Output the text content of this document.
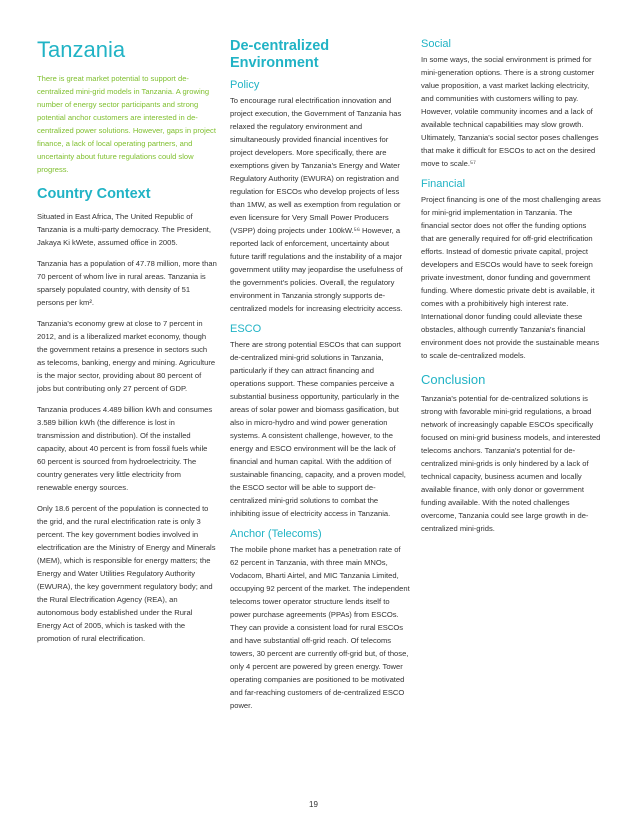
Tanzania

There is great market potential to support de-centralized mini-grid models in Tanzania. A growing number of energy sector participants and strong potential anchor customers are interested in de-centralized power solutions. However, gaps in project finance, a lack of local operating partners, and uncertainty about future regulations could slow progress.

Country Context

Situated in East Africa, The United Republic of Tanzania is a multi-party democracy. The President, Jakaya Ki kWete, assumed office in 2005.

Tanzania has a population of 47.78 million, more than 70 percent of whom live in rural areas. Tanzania is sparsely populated country, with density of 51 persons per km².

Tanzania's economy grew at close to 7 percent in 2012, and is a liberalized market economy, though the government retains a presence in sectors such as telecoms, banking, energy and mining. Agriculture is the major sector, providing about 80 percent of jobs but contributing only 27 percent of GDP.

Tanzania produces 4.489 billion kWh and consumes 3.589 billion kWh (the difference is lost in transmission and distribution). Of the installed capacity, about 40 percent is from fossil fuels while 60 percent is sourced from hydroelectricity. The country generates very little electricity from renewable energy sources.

Only 18.6 percent of the population is connected to the grid, and the rural electrification rate is only 3 percent. The key government bodies involved in electrification are the Ministry of Energy and Minerals (MEM), which is responsible for energy matters; the Energy and Water Utilities Regulatory Authority (EWURA), the key government regulatory body; and the Rural Electrification Agency (REA), an autonomous body established under the Rural Energy Act of 2005, which is tasked with the promotion of rural electrification.

De-centralized Environment
Policy

To encourage rural electrification innovation and project execution, the Government of Tanzania has relaxed the regulatory environment and simultaneously provided financial incentives for project developers. More specifically, there are exemptions given by Tanzania's Energy and Water Regulatory Authority (EWURA) on registration and regulation for ESCOs who develop projects of less than 1MW, as well as exemption from regulation or even licensure for Very Small Power Producers (VSPP) doing projects under 100kW.⁵⁶ However, a reported lack of enforcement, uncertainty about future tariff regulations and the instability of a major government utility may jeopardise the usefulness of the government's policies. Overall, the regulatory environment in Tanzania strongly supports de-centralized models for increasing electricity access.

ESCO

There are strong potential ESCOs that can support de-centralized mini-grid solutions in Tanzania, particularly if they can attract financing and operations support. These companies perceive a substantial business opportunity, particularly in the areas of solar power and biomass gasification, but also in micro-hydro and wind power generation systems. A consistent challenge, however, to the energy and ESCO environment will be the lack of financial and human capital. With the addition of sustainable financing, capacity, and a proven model, the ESCO sector will be able to support de-centralized mini-grid solutions to combat the inhibiting issue of electricity access in Tanzania.

Anchor (Telecoms)

The mobile phone market has a penetration rate of 62 percent in Tanzania, with three main MNOs, Vodacom, Bharti Airtel, and MIC Tanzania Limited, occupying 92 percent of the market. The independent telecoms tower operator structure lends itself to power purchase agreements (PPAs) from ESCOs. They can provide a consistent load for rural ESCOs and have substantial off-grid reach. Of telecoms towers, 30 percent are currently off-grid but, of those, only 4 percent are powered by green energy. Tower operating companies are positioned to be motivated and far-reaching customers of de-centralized ESCO power.

Social

In some ways, the social environment is primed for mini-generation options. There is a strong customer value proposition, a vast market lacking electricity, and communities with customers willing to pay. However, volatile community incomes and a lack of available technical capabilities may slow growth. Ultimately, Tanzania's social sector poses challenges that make it difficult for ESCOs to act on the desired move to scale.⁵⁷

Financial

Project financing is one of the most challenging areas for mini-grid implementation in Tanzania. The financial sector does not offer the funding options that are generally required for off-grid electrification efforts. Instead of domestic private capital, project developers and ESCOs would have to seek foreign private investment, donor funding and government funding. Where domestic private debt is available, it comes with a prohibitively high interest rate. International donor funding could alleviate these obstacles, although currently Tanzania's financial environment does not provide the sustainable means to scale de-centralized models.

Conclusion

Tanzania's potential for de-centralized solutions is strong with favorable mini-grid regulations, a broad network of increasingly capable ESCOs specifically focused on mini-grid business models, and interested telecoms anchors. Tanzania's potential for de-centralized mini-grids is only hindered by a lack of technical capacity, business acumen and locally available finance, with only donor or government funding available. With the noted challenges overcome, Tanzania could see large growth in de-centralized mini-grids.

19
